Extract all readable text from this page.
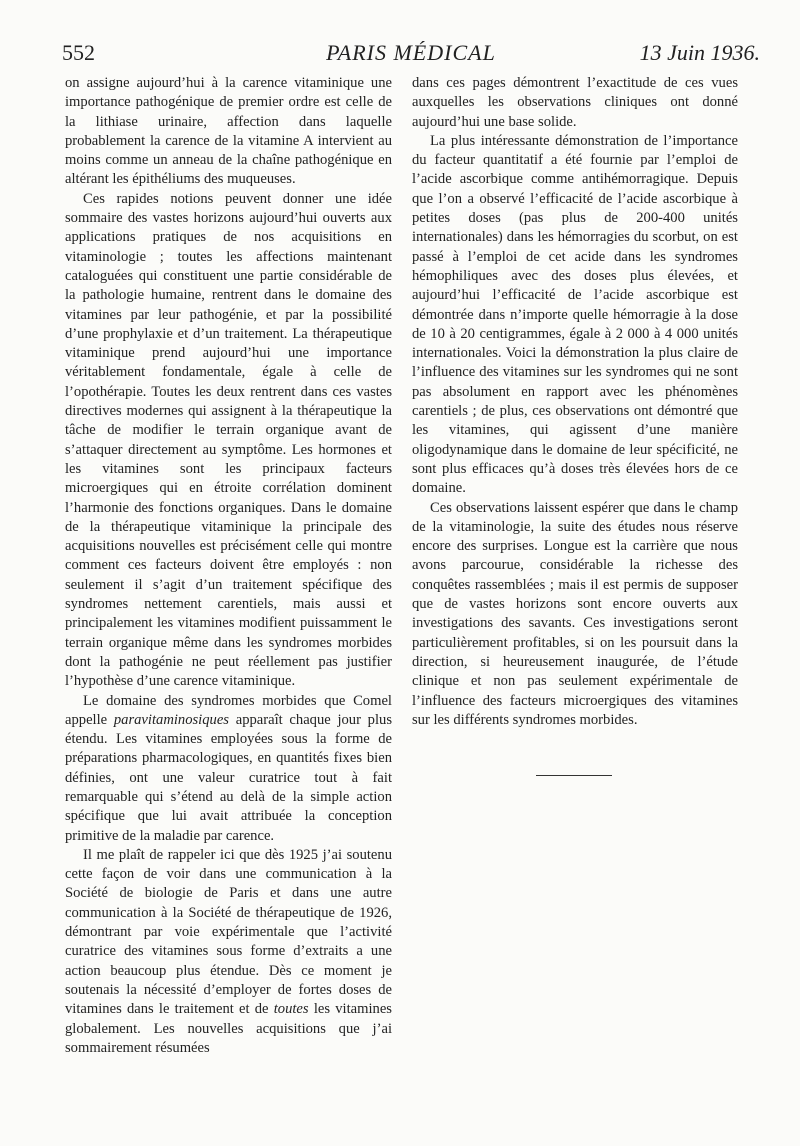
552	PARIS MÉDICAL	13 Juin 1936.

on assigne aujourd’hui à la carence vitaminique une importance pathogénique de premier ordre est celle de la lithiase urinaire, affection dans laquelle probablement la carence de la vitamine A intervient au moins comme un anneau de la chaîne pathogénique en altérant les épithéliums des muqueuses.

Ces rapides notions peuvent donner une idée sommaire des vastes horizons aujourd’hui ouverts aux applications pratiques de nos acquisitions en vitaminologie ; toutes les affections maintenant cataloguées qui constituent une partie considérable de la pathologie humaine, rentrent dans le domaine des vitamines par leur pathogénie, et par la possibilité d’une prophylaxie et d’un traitement. La thérapeutique vitaminique prend aujourd’hui une importance véritablement fondamentale, égale à celle de l’opothérapie. Toutes les deux rentrent dans ces vastes directives modernes qui assignent à la thérapeutique la tâche de modifier le terrain organique avant de s’attaquer directement au symptôme. Les hormones et les vitamines sont les principaux facteurs microergiques qui en étroite corrélation dominent l’harmonie des fonctions organiques. Dans le domaine de la thérapeutique vitaminique la principale des acquisitions nouvelles est précisément celle qui montre comment ces facteurs doivent être employés : non seulement il s’agit d’un traitement spécifique des syndromes nettement carentiels, mais aussi et principalement les vitamines modifient puissamment le terrain organique même dans les syndromes morbides dont la pathogénie ne peut réellement pas justifier l’hypothèse d’une carence vitaminique.

Le domaine des syndromes morbides que Comel appelle paravitaminosiques apparaît chaque jour plus étendu. Les vitamines employées sous la forme de préparations pharmacologiques, en quantités fixes bien définies, ont une valeur curatrice tout à fait remarquable qui s’étend au delà de la simple action spécifique que lui avait attribuée la conception primitive de la maladie par carence.

Il me plaît de rappeler ici que dès 1925 j’ai soutenu cette façon de voir dans une communication à la Société de biologie de Paris et dans une autre communication à la Société de thérapeutique de 1926, démontrant par voie expérimentale que l’activité curatrice des vitamines sous forme d’extraits a une action beaucoup plus étendue. Dès ce moment je soutenais la nécessité d’employer de fortes doses de vitamines dans le traitement et de toutes les vitamines globalement. Les nouvelles acquisitions que j’ai sommairement résumées

dans ces pages démontrent l’exactitude de ces vues auxquelles les observations cliniques ont donné aujourd’hui une base solide.

La plus intéressante démonstration de l’importance du facteur quantitatif a été fournie par l’emploi de l’acide ascorbique comme antihémorragique. Depuis que l’on a observé l’efficacité de l’acide ascorbique à petites doses (pas plus de 200-400 unités internationales) dans les hémorragies du scorbut, on est passé à l’emploi de cet acide dans les syndromes hémophiliques avec des doses plus élevées, et aujourd’hui l’efficacité de l’acide ascorbique est démontrée dans n’importe quelle hémorragie à la dose de 10 à 20 centigrammes, égale à 2 000 à 4 000 unités internationales. Voici la démonstration la plus claire de l’influence des vitamines sur les syndromes qui ne sont pas absolument en rapport avec les phénomènes carentiels ; de plus, ces observations ont démontré que les vitamines, qui agissent d’une manière oligodynamique dans le domaine de leur spécificité, ne sont plus efficaces qu’à doses très élevées hors de ce domaine.

Ces observations laissent espérer que dans le champ de la vitaminologie, la suite des études nous réserve encore des surprises. Longue est la carrière que nous avons parcourue, considérable la richesse des conquêtes rassemblées ; mais il est permis de supposer que de vastes horizons sont encore ouverts aux investigations des savants. Ces investigations seront particulièrement profitables, si on les poursuit dans la direction, si heureusement inaugurée, de l’étude clinique et non pas seulement expérimentale de l’influence des facteurs microergiques des vitamines sur les différents syndromes morbides.
